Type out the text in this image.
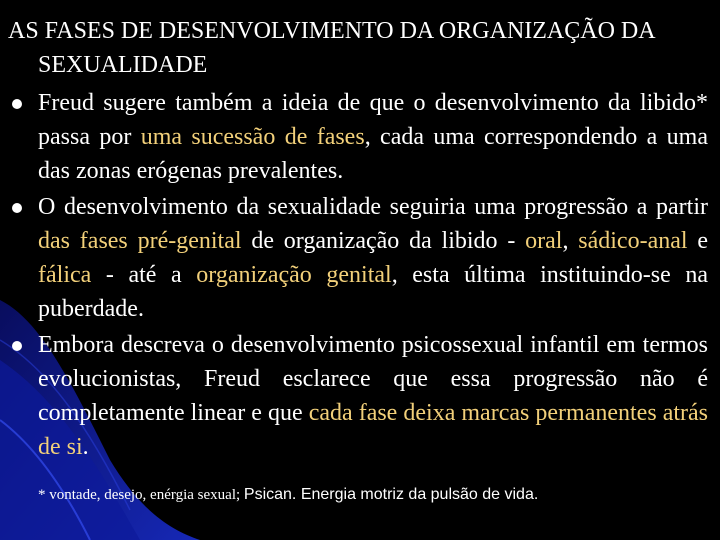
AS FASES DE DESENVOLVIMENTO DA ORGANIZAÇÃO DA SEXUALIDADE
Freud sugere também a ideia de que o desenvolvimento da libido* passa por uma sucessão de fases, cada uma correspondendo a uma das zonas erógenas prevalentes.
O desenvolvimento da sexualidade seguiria uma progressão a partir das fases pré-genital de organização da libido - oral, sádico-anal e fálica - até a organização genital, esta última instituindo-se na puberdade.
Embora descreva o desenvolvimento psicossexual infantil em termos evolucionistas, Freud esclarece que essa progressão não é completamente linear e que cada fase deixa marcas permanentes atrás de si.
* vontade, desejo, enérgia sexual; Psican. Energia motriz da pulsão de vida.
